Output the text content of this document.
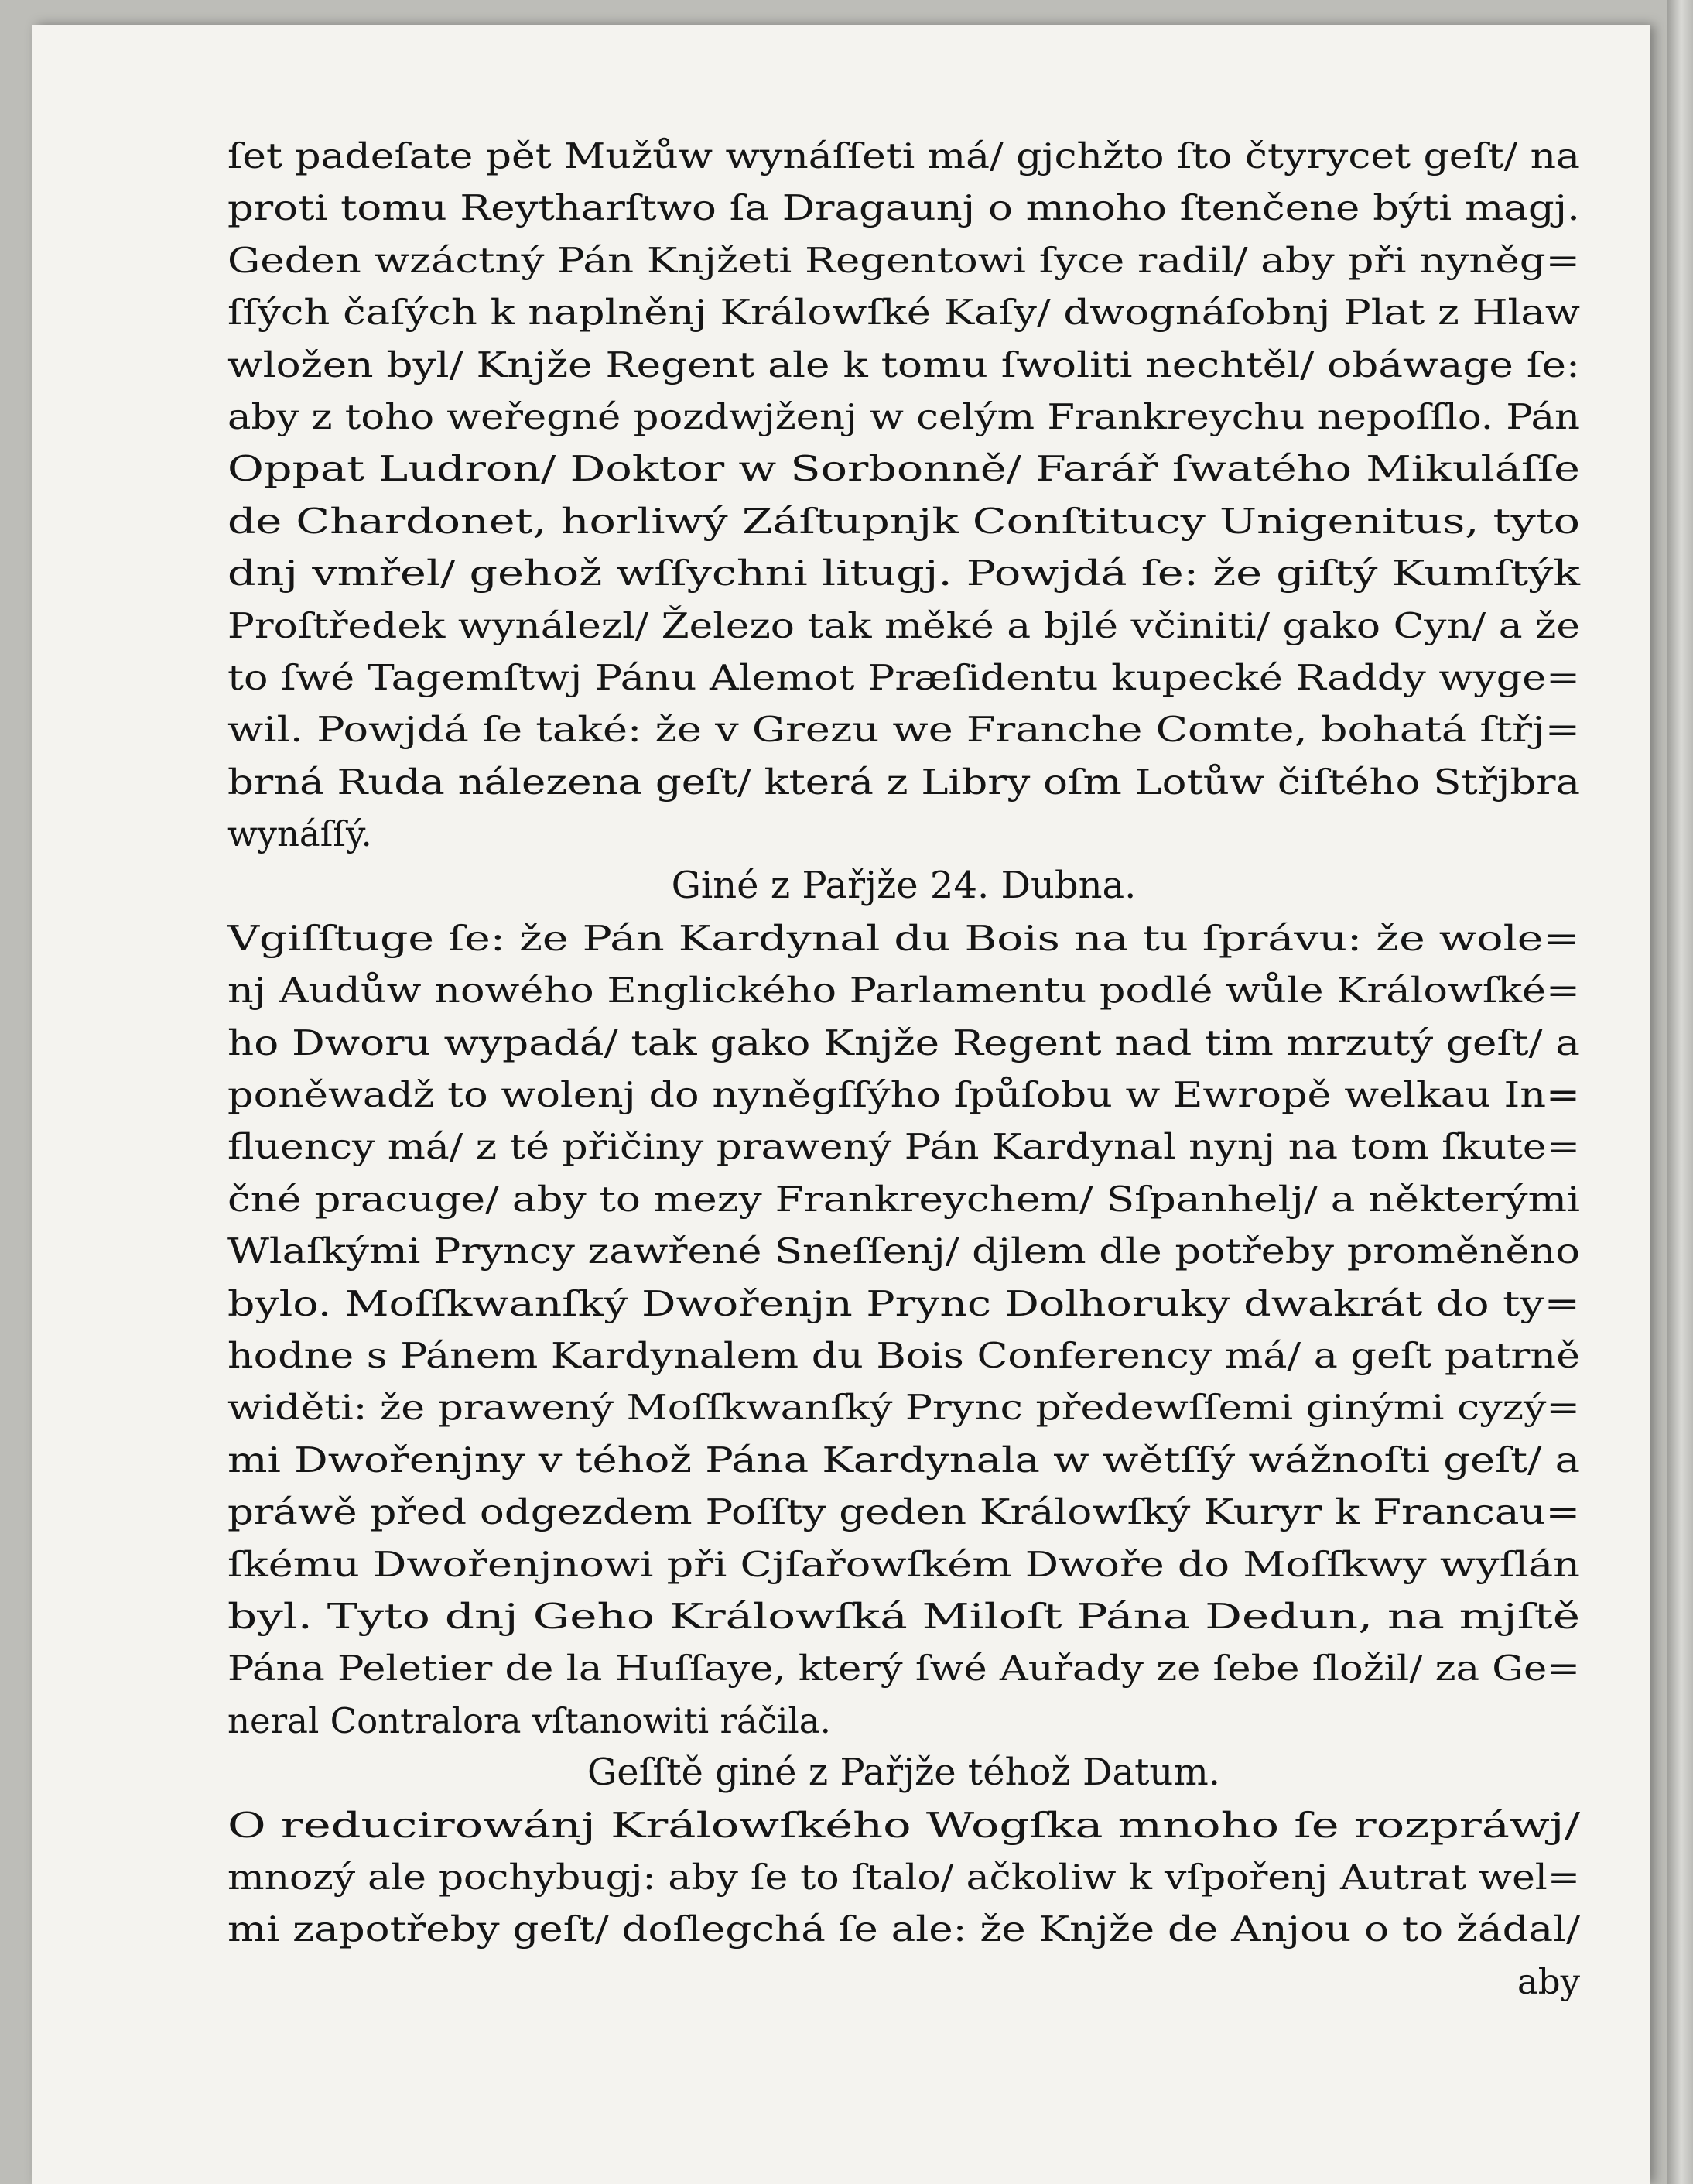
ſet padeſate pět Mužůw wynáſſeti má/ gjchžto ſto čtyrycet geſt/ na
proti tomu Reytharſtwo ſa Dragaunj o mnoho ſtenčene býti magj.
Geden wzáctný Pán Knjžeti Regentowi ſyce radil/ aby při nyněg=
ſſých čaſých k naplněnj Králowſké Kaſy/ dwognáſobnj Plat z Hlaw
wložen byl/ Knjže Regent ale k tomu ſwoliti nechtěl/ obáwage ſe:
aby z toho weřegné pozdwjženj w celým Frankreychu nepoſſlo. Pán
Oppat Ludron/ Doktor w Sorbonně/ Farář ſwatého Mikuláſſe
de Chardonet, horliwý Záſtupnjk Conſtitucy Unigenitus, tyto
dnj vmřel/ gehož wſſychni litugj. Powjdá ſe: že giſtý Kumſtýk
Proſtředek wynálezl/ Železo tak měké a bjlé včiniti/ gako Cyn/ a že
to ſwé Tagemſtwj Pánu Alemot Præſidentu kupecké Raddy wyge=
wil. Powjdá ſe také: že v Grezu we Franche Comte, bohatá ſtřj=
brná Ruda nálezena geſt/ která z Libry oſm Lotůw čiſtého Střjbra
wynáſſý.
Giné z Pařjže 24. Dubna.
Vgiſſtuge ſe: že Pán Kardynal du Bois na tu ſprávu: že wole=
nj Audůw nowého Englického Parlamentu podlé wůle Králowſké=
ho Dworu wypadá/ tak gako Knjže Regent nad tim mrzutý geſt/ a
poněwadž to wolenj do nyněgſſýho ſpůſobu w Ewropě welkau In=
fluency má/ z té přičiny prawený Pán Kardynal nynj na tom ſkute=
čné pracuge/ aby to mezy Frankreychem/ Sſpanhelj/ a některými
Wlaſkými Pryncy zawřené Sneſſenj/ djlem dle potřeby proměněno
bylo. Moſſkwanſký Dwořenjn Prync Dolhoruky dwakrát do ty=
hodne s Pánem Kardynalem du Bois Conferency má/ a geſt patrně
widěti: že prawený Moſſkwanſký Prync předewſſemi ginými cyzý=
mi Dwořenjny v téhož Pána Kardynala w wětſſý wážnoſti geſt/ a
práwě před odgezdem Poſſty geden Králowſký Kuryr k Francau=
ſkému Dwořenjnowi při Cjſařowſkém Dwoře do Moſſkwy wyſlán
byl. Tyto dnj Geho Králowſká Miloſt Pána Dedun, na mjſtě
Pána Peletier de la Huſſaye, který ſwé Auřady ze ſebe ſložil/ za Ge=
neral Contralora vſtanowiti ráčila.
Geſſtě giné z Pařjže téhož Datum.
O reducirowánj Králowſkého Wogſka mnoho ſe rozpráwj/
mnozý ale pochybugj: aby ſe to ſtalo/ ačkoliw k vſpořenj Autrat wel=
mi zapotřeby geſt/ doſlegchá ſe ale: že Knjže de Anjou o to žádal/
aby
